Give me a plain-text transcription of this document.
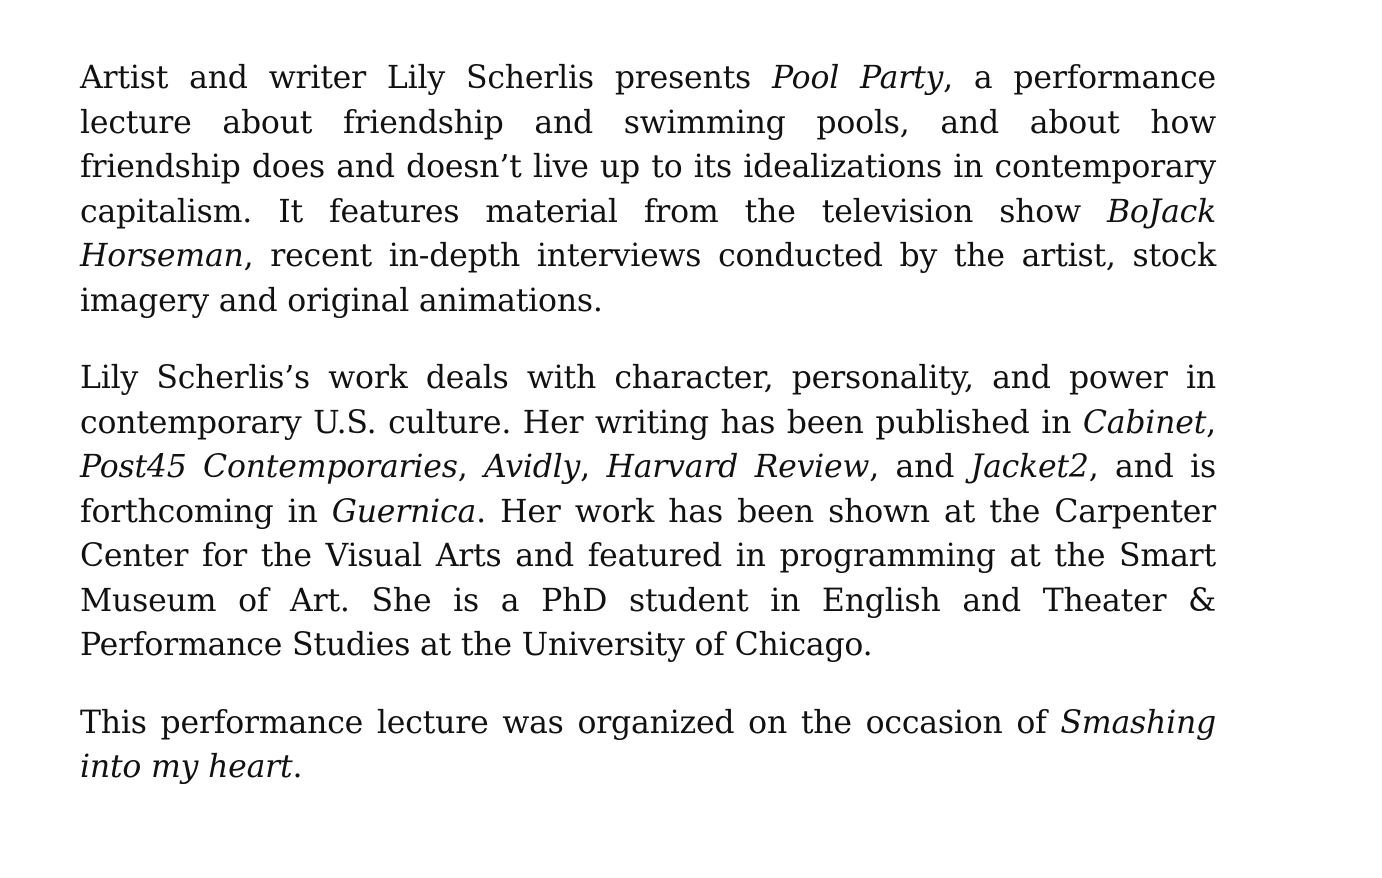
Artist and writer Lily Scherlis presents Pool Party, a performance lecture about friendship and swimming pools, and about how friendship does and doesn’t live up to its idealizations in contemporary capitalism. It features material from the television show BoJack Horseman, recent in-depth interviews conducted by the artist, stock imagery and original animations.

Lily Scherlis’s work deals with character, personality, and power in contemporary U.S. culture. Her writing has been published in Cabinet, Post45 Contemporaries, Avidly, Harvard Review, and Jacket2, and is forthcoming in Guernica. Her work has been shown at the Carpenter Center for the Visual Arts and featured in programming at the Smart Museum of Art. She is a PhD student in English and Theater & Performance Studies at the University of Chicago.

This performance lecture was organized on the occasion of Smashing into my heart.
